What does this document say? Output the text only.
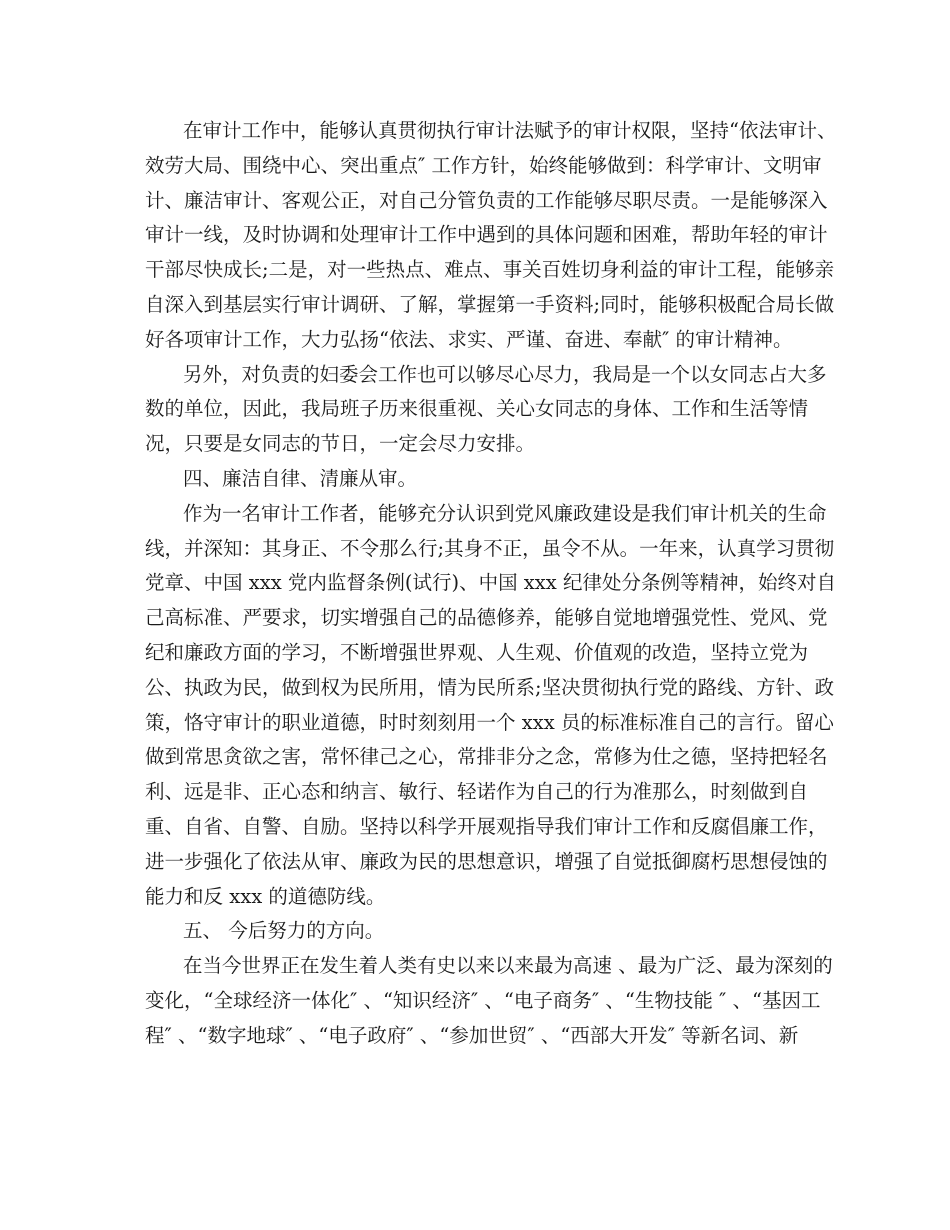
在审计工作中，能够认真贯彻执行审计法赋予的审计权限，坚持“依法审计、
效劳大局、围绕中心、突出重点″ 工作方针，始终能够做到：科学审计、文明审
计、廉洁审计、客观公正，对自己分管负责的工作能够尽职尽责。一是能够深入
审计一线，及时协调和处理审计工作中遇到的具体问题和困难，帮助年轻的审计
干部尽快成长;二是，对一些热点、难点、事关百姓切身利益的审计工程，能够亲
自深入到基层实行审计调研、了解，掌握第一手资料;同时，能够积极配合局长做
好各项审计工作，大力弘扬“依法、求实、严谨、奋进、奉献″ 的审计精神。
另外，对负责的妇委会工作也可以够尽心尽力，我局是一个以女同志占大多
数的单位，因此，我局班子历来很重视、关心女同志的身体、工作和生活等情
况，只要是女同志的节日，一定会尽力安排。
四、廉洁自律、清廉从审。
作为一名审计工作者，能够充分认识到党风廉政建设是我们审计机关的生命
线，并深知：其身正、不令那么行;其身不正，虽令不从。一年来，认真学习贯彻
党章、中国 xxx 党内监督条例(试行)、中国 xxx 纪律处分条例等精神，始终对自
己高标准、严要求，切实增强自己的品德修养，能够自觉地增强党性、党风、党
纪和廉政方面的学习，不断增强世界观、人生观、价值观的改造，坚持立党为
公、执政为民，做到权为民所用，情为民所系;坚决贯彻执行党的路线、方针、政
策，恪守审计的职业道德，时时刻刻用一个 xxx 员的标准标准自己的言行。留心
做到常思贪欲之害，常怀律己之心，常排非分之念，常修为仕之德，坚持把轻名
利、远是非、正心态和纳言、敏行、轻诺作为自己的行为准那么，时刻做到自
重、自省、自警、自励。坚持以科学开展观指导我们审计工作和反腐倡廉工作，
进一步强化了依法从审、廉政为民的思想意识，增强了自觉抵御腐朽思想侵蚀的
能力和反 xxx 的道德防线。
五、 今后努力的方向。
在当今世界正在发生着人类有史以来以来最为高速 、最为广泛、最为深刻的
变化，“全球经济一体化″ 、“知识经济″ 、“电子商务″ 、“生物技能 ″ 、“基因工
程″ 、“数字地球″ 、“电子政府″ 、“参加世贸″ 、“西部大开发″ 等新名词、新
